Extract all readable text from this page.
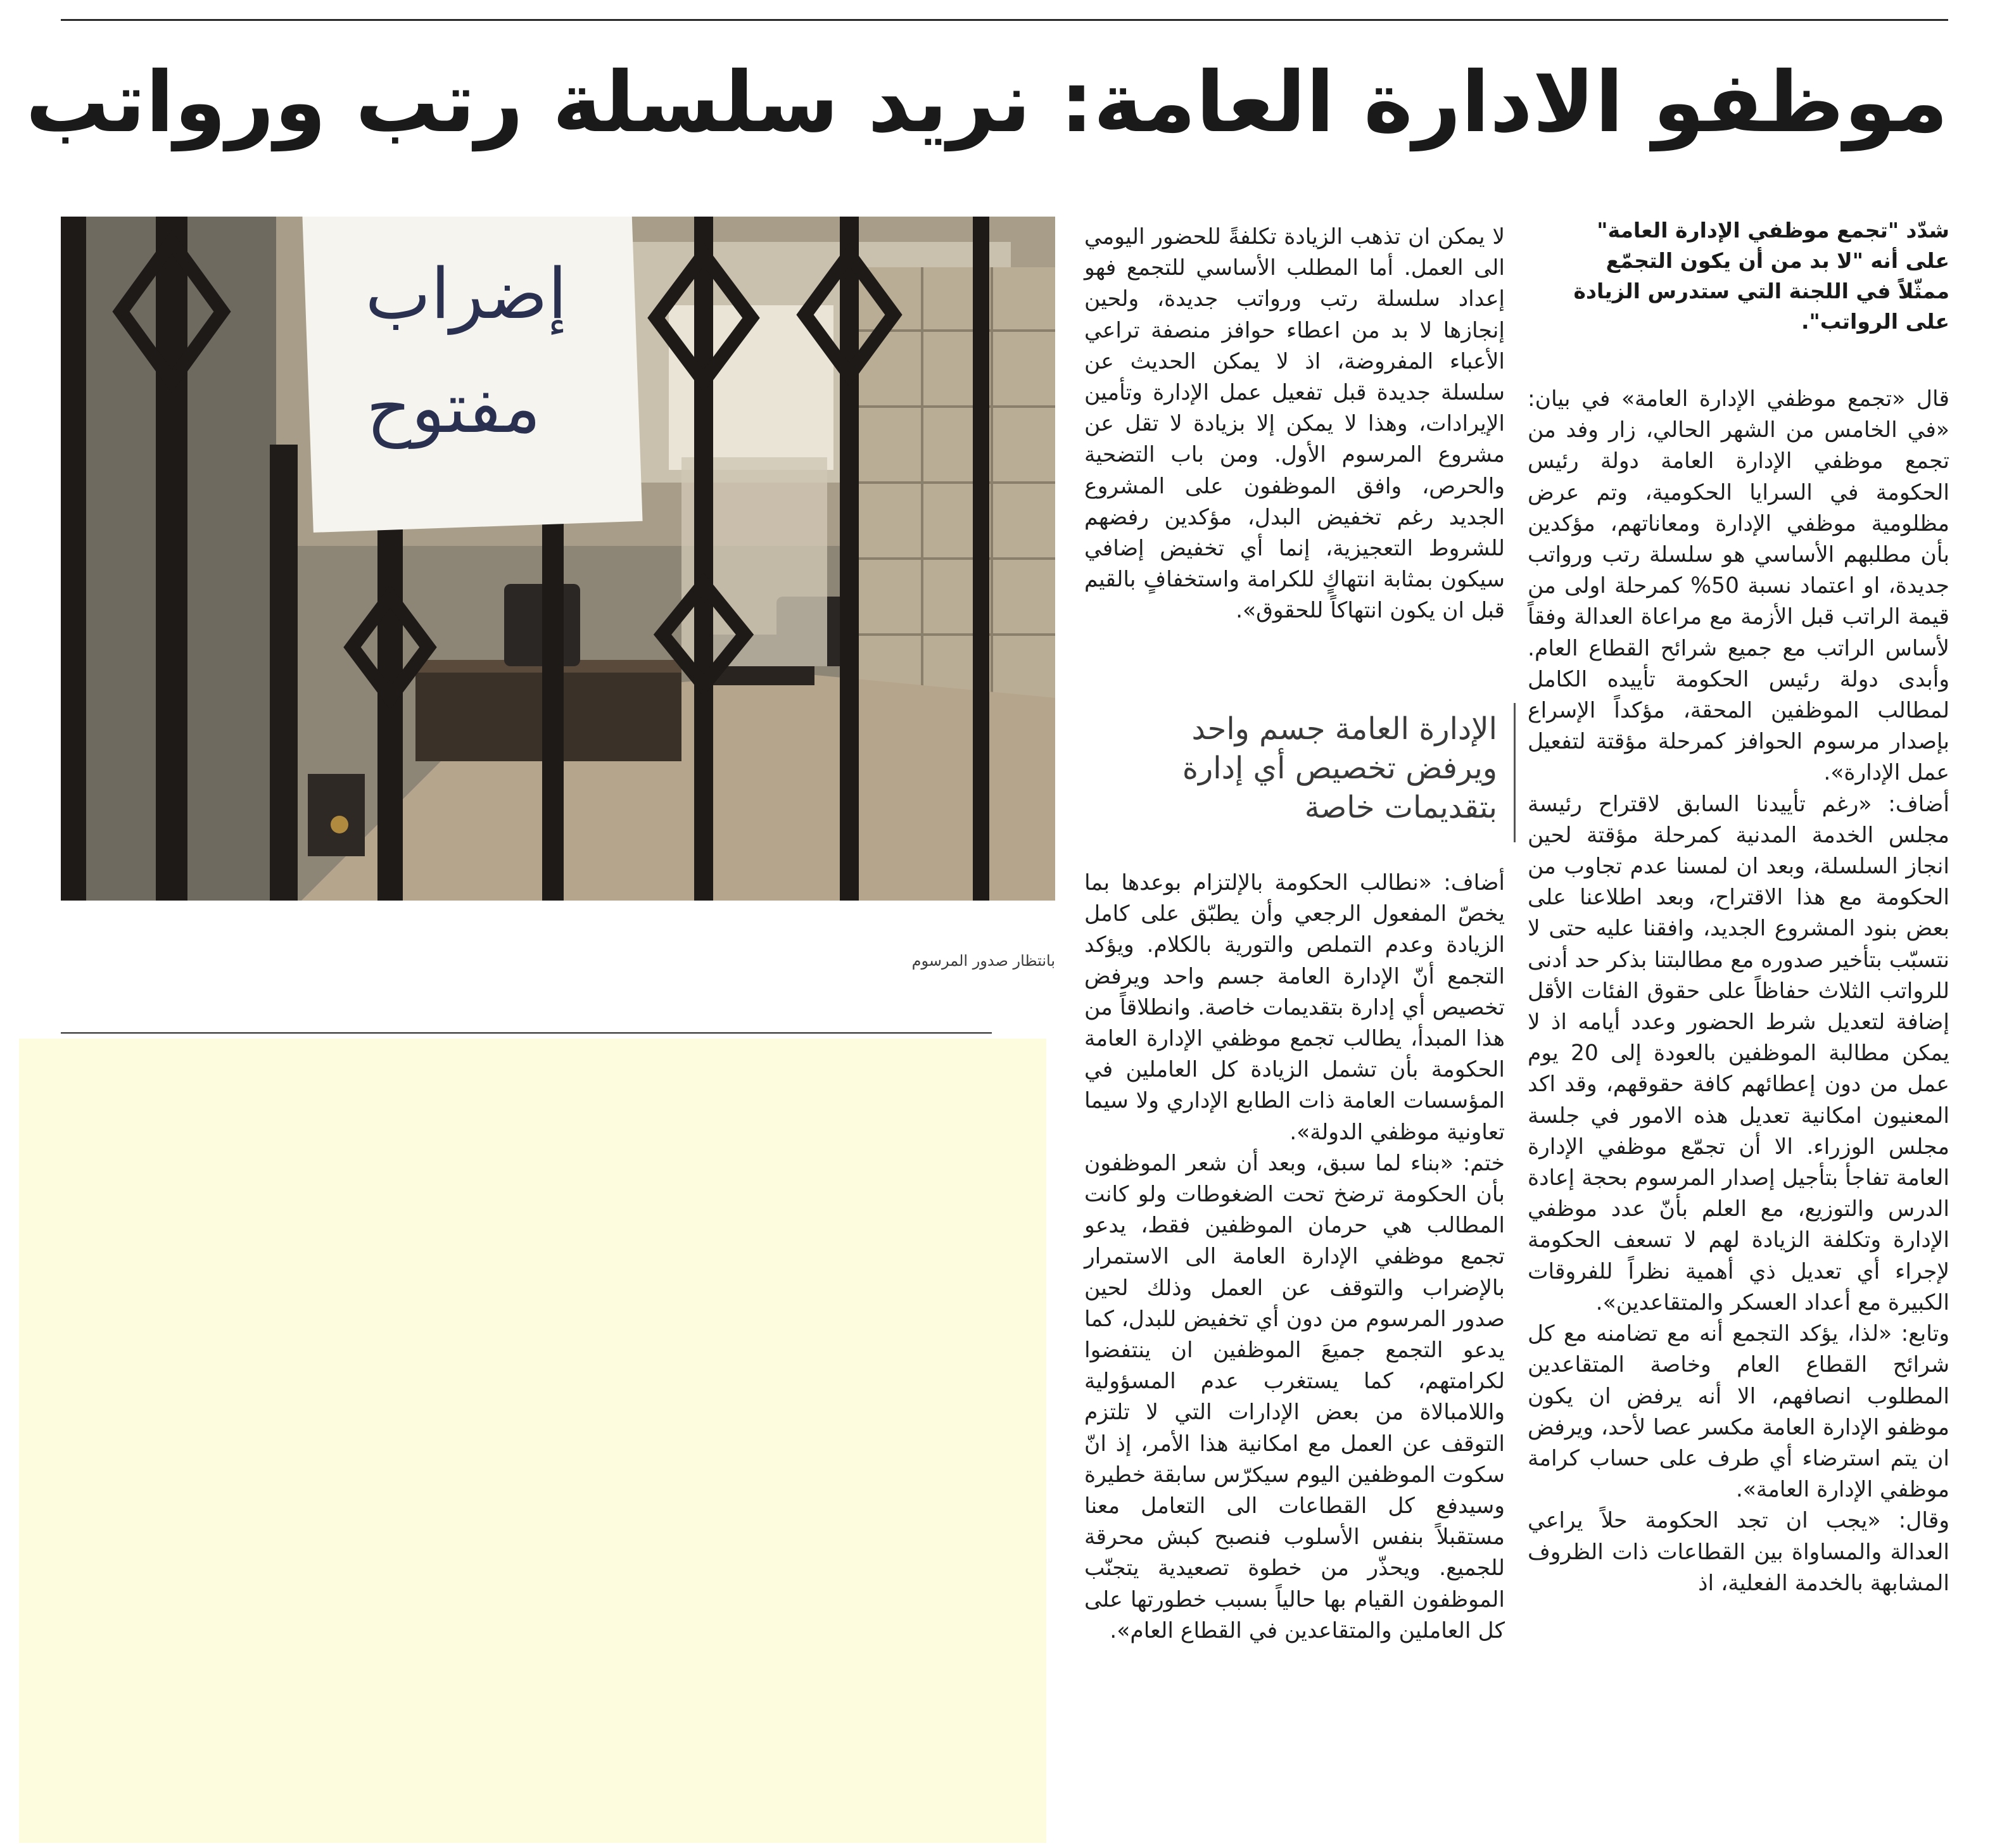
موظفو الادارة العامة: نريد سلسلة رتب ورواتب

شدّد "تجمع موظفي الإدارة العامة" على أنه "لا بد من أن يكون التجمّع ممثّلاً في اللجنة التي ستدرس الزيادة على الرواتب".

قال «تجمع موظفي الإدارة العامة» في بيان: «في الخامس من الشهر الحالي، زار وفد من تجمع موظفي الإدارة العامة دولة رئيس الحكومة في السرايا الحكومية، وتم عرض مظلومية موظفي الإدارة ومعاناتهم، مؤكدين بأن مطلبهم الأساسي هو سلسلة رتب ورواتب جديدة، او اعتماد نسبة 50% كمرحلة اولى من قيمة الراتب قبل الأزمة مع مراعاة العدالة وفقاً لأساس الراتب مع جميع شرائح القطاع العام. وأبدى دولة رئيس الحكومة تأييده الكامل لمطالب الموظفين المحقة، مؤكداً الإسراع بإصدار مرسوم الحوافز كمرحلة مؤقتة لتفعيل عمل الإدارة».

أضاف: «رغم تأييدنا السابق لاقتراح رئيسة مجلس الخدمة المدنية كمرحلة مؤقتة لحين انجاز السلسلة، وبعد ان لمسنا عدم تجاوب من الحكومة مع هذا الاقتراح، وبعد اطلاعنا على بعض بنود المشروع الجديد، وافقنا عليه حتى لا نتسبّب بتأخير صدوره مع مطالبتنا بذكر حد أدنى للرواتب الثلاث حفاظاً على حقوق الفئات الأقل إضافة لتعديل شرط الحضور وعدد أيامه اذ لا يمكن مطالبة الموظفين بالعودة إلى 20 يوم عمل من دون إعطائهم كافة حقوقهم، وقد اكد المعنيون امكانية تعديل هذه الامور في جلسة مجلس الوزراء. الا أن تجمّع موظفي الإدارة العامة تفاجأ بتأجيل إصدار المرسوم بحجة إعادة الدرس والتوزيع، مع العلم بأنّ عدد موظفي الإدارة وتكلفة الزيادة لهم لا تسعف الحكومة لإجراء أي تعديل ذي أهمية نظراً للفروقات الكبيرة مع أعداد العسكر والمتقاعدين».

وتابع: «لذا، يؤكد التجمع أنه مع تضامنه مع كل شرائح القطاع العام وخاصة المتقاعدين المطلوب انصافهم، الا أنه يرفض ان يكون موظفو الإدارة العامة مكسر عصا لأحد، ويرفض ان يتم استرضاء أي طرف على حساب كرامة موظفي الإدارة العامة».

وقال: «يجب ان تجد الحكومة حلاً يراعي العدالة والمساواة بين القطاعات ذات الظروف المشابهة بالخدمة الفعلية، اذ

لا يمكن ان تذهب الزيادة تكلفةً للحضور اليومي الى العمل. أما المطلب الأساسي للتجمع فهو إعداد سلسلة رتب ورواتب جديدة، ولحين إنجازها لا بد من اعطاء حوافز منصفة تراعي الأعباء المفروضة، اذ لا يمكن الحديث عن سلسلة جديدة قبل تفعيل عمل الإدارة وتأمين الإيرادات، وهذا لا يمكن إلا بزيادة لا تقل عن مشروع المرسوم الأول. ومن باب التضحية والحرص، وافق الموظفون على المشروع الجديد رغم تخفيض البدل، مؤكدين رفضهم للشروط التعجيزية، إنما أي تخفيض إضافي سيكون بمثابة انتهاكٍ للكرامة واستخفافٍ بالقيم قبل ان يكون انتهاكاً للحقوق».

الإدارة العامة جسم واحد ويرفض تخصيص أي إدارة بتقديمات خاصة

أضاف: «نطالب الحكومة بالإلتزام بوعدها بما يخصّ المفعول الرجعي وأن يطبّق على كامل الزيادة وعدم التملص والتورية بالكلام. ويؤكد التجمع أنّ الإدارة العامة جسم واحد ويرفض تخصيص أي إدارة بتقديمات خاصة. وانطلاقاً من هذا المبدأ، يطالب تجمع موظفي الإدارة العامة الحكومة بأن تشمل الزيادة كل العاملين في المؤسسات العامة ذات الطابع الإداري ولا سيما تعاونية موظفي الدولة».

ختم: «بناء لما سبق، وبعد أن شعر الموظفون بأن الحكومة ترضخ تحت الضغوطات ولو كانت المطالب هي حرمان الموظفين فقط، يدعو تجمع موظفي الإدارة العامة الى الاستمرار بالإضراب والتوقف عن العمل وذلك لحين صدور المرسوم من دون أي تخفيض للبدل، كما يدعو التجمع جميعَ الموظفين ان ينتفضوا لكرامتهم، كما يستغرب عدم المسؤولية واللامبالاة من بعض الإدارات التي لا تلتزم التوقف عن العمل مع امكانية هذا الأمر، إذ انّ سكوت الموظفين اليوم سيكرّس سابقة خطيرة وسيدفع كل القطاعات الى التعامل معنا مستقبلاً بنفس الأسلوب فنصبح كبش محرقة للجميع. ويحذّر من خطوة تصعيدية يتجنّب الموظفون القيام بها حالياً بسبب خطورتها على كل العاملين والمتقاعدين في القطاع العام».

إضراب
مفتوح
بانتظار صدور المرسوم
